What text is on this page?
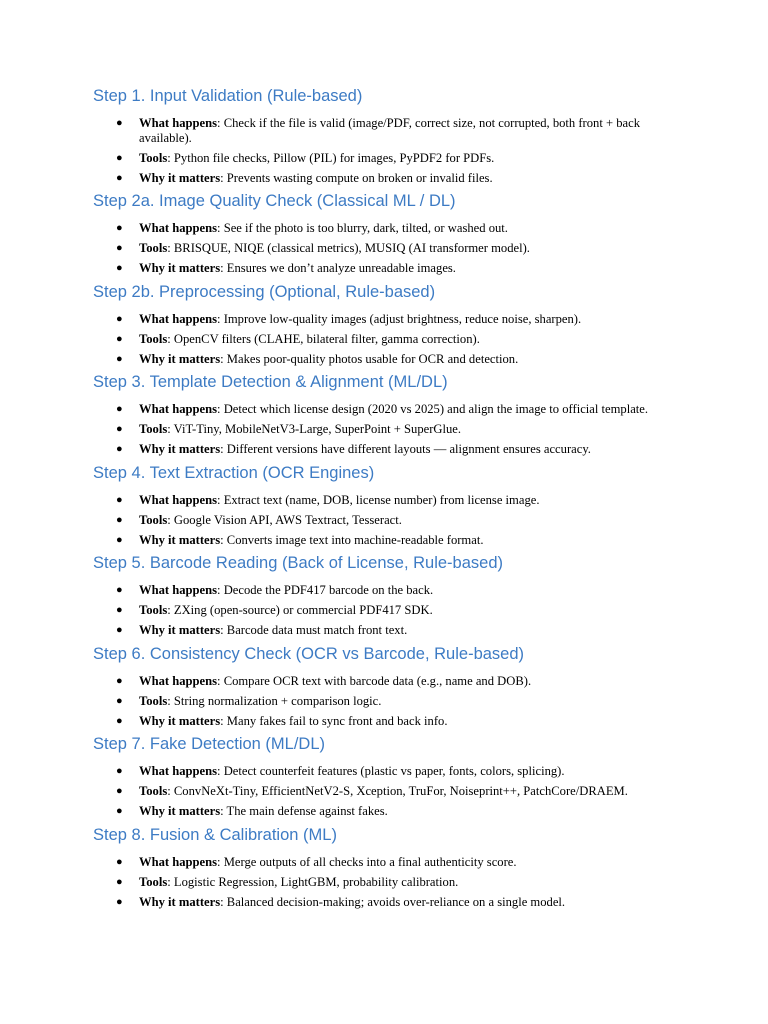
Step 1. Input Validation (Rule-based)
● What happens: Check if the file is valid (image/PDF, correct size, not corrupted, both front + back available).
● Tools: Python file checks, Pillow (PIL) for images, PyPDF2 for PDFs.
● Why it matters: Prevents wasting compute on broken or invalid files.
Step 2a. Image Quality Check (Classical ML / DL)
● What happens: See if the photo is too blurry, dark, tilted, or washed out.
● Tools: BRISQUE, NIQE (classical metrics), MUSIQ (AI transformer model).
● Why it matters: Ensures we don’t analyze unreadable images.
Step 2b. Preprocessing (Optional, Rule-based)
● What happens: Improve low-quality images (adjust brightness, reduce noise, sharpen).
● Tools: OpenCV filters (CLAHE, bilateral filter, gamma correction).
● Why it matters: Makes poor-quality photos usable for OCR and detection.
Step 3. Template Detection & Alignment (ML/DL)
● What happens: Detect which license design (2020 vs 2025) and align the image to official template.
● Tools: ViT-Tiny, MobileNetV3-Large, SuperPoint + SuperGlue.
● Why it matters: Different versions have different layouts — alignment ensures accuracy.
Step 4. Text Extraction (OCR Engines)
● What happens: Extract text (name, DOB, license number) from license image.
● Tools: Google Vision API, AWS Textract, Tesseract.
● Why it matters: Converts image text into machine-readable format.
Step 5. Barcode Reading (Back of License, Rule-based)
● What happens: Decode the PDF417 barcode on the back.
● Tools: ZXing (open-source) or commercial PDF417 SDK.
● Why it matters: Barcode data must match front text.
Step 6. Consistency Check (OCR vs Barcode, Rule-based)
● What happens: Compare OCR text with barcode data (e.g., name and DOB).
● Tools: String normalization + comparison logic.
● Why it matters: Many fakes fail to sync front and back info.
Step 7. Fake Detection (ML/DL)
● What happens: Detect counterfeit features (plastic vs paper, fonts, colors, splicing).
● Tools: ConvNeXt-Tiny, EfficientNetV2-S, Xception, TruFor, Noiseprint++, PatchCore/DRAEM.
● Why it matters: The main defense against fakes.
Step 8. Fusion & Calibration (ML)
● What happens: Merge outputs of all checks into a final authenticity score.
● Tools: Logistic Regression, LightGBM, probability calibration.
● Why it matters: Balanced decision-making; avoids over-reliance on a single model.
